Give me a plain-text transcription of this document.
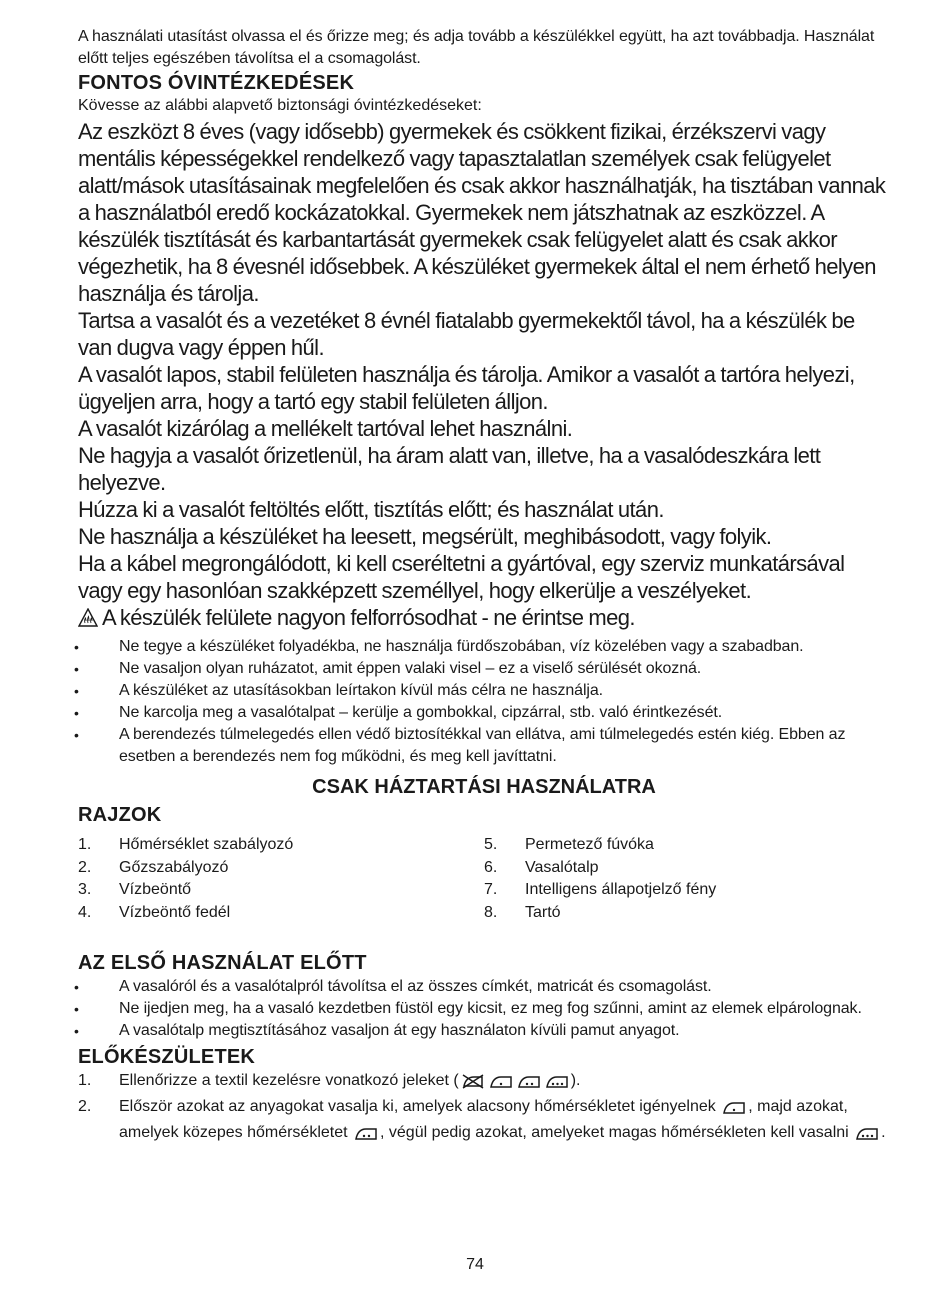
A használati utasítást olvassa el és őrizze meg; és adja tovább a készülékkel együtt, ha azt továbbadja. Használat előtt teljes egészében távolítsa el a csomagolást.

FONTOS ÓVINTÉZKEDÉSEK

Kövesse az alábbi alapvető biztonsági óvintézkedéseket:

Az eszközt 8 éves (vagy idősebb) gyermekek és csökkent fizikai, érzékszervi vagy mentális képességekkel rendelkező vagy tapasztalatlan személyek csak felügyelet alatt/mások utasításainak megfelelően és csak akkor használhatják, ha tisztában vannak a használatból eredő kockázatokkal. Gyermekek nem játszhatnak az eszközzel. A készülék tisztítását és karbantartását gyermekek csak felügyelet alatt és csak akkor végezhetik, ha 8 évesnél idősebbek. A készüléket gyermekek által el nem érhető helyen használja és tárolja.

Tartsa a vasalót és a vezetéket 8 évnél fiatalabb gyermekektől távol, ha a készülék be van dugva vagy éppen hűl.

A vasalót lapos, stabil felületen használja és tárolja. Amikor a vasalót a tartóra helyezi, ügyeljen arra, hogy a tartó egy stabil felületen álljon.

A vasalót kizárólag a mellékelt tartóval lehet használni.

Ne hagyja a vasalót őrizetlenül, ha áram alatt van, illetve, ha a vasalódeszkára lett helyezve.

Húzza ki a vasalót feltöltés előtt, tisztítás előtt; és használat után.

Ne használja a készüléket ha leesett, megsérült, meghibásodott, vagy folyik.

Ha a kábel megrongálódott, ki kell cseréltetni a gyártóval, egy szerviz munkatársával vagy egy hasonlóan szakképzett személlyel, hogy elkerülje a veszélyeket.

A készülék felülete nagyon felforrósodhat - ne érintse meg.

• Ne tegye a készüléket folyadékba, ne használja fürdőszobában, víz közelében vagy a szabadban.
• Ne vasaljon olyan ruházatot, amit éppen valaki visel – ez a viselő sérülését okozná.
• A készüléket az utasításokban leírtakon kívül más célra ne használja.
• Ne karcolja meg a vasalótalpat – kerülje a gombokkal, cipzárral, stb. való érintkezését.
• A berendezés túlmelegedés ellen védő biztosítékkal van ellátva, ami túlmelegedés estén kiég. Ebben az esetben a berendezés nem fog működni, és meg kell javíttatni.

CSAK HÁZTARTÁSI HASZNÁLATRA

RAJZOK
1.	Hőmérséklet szabályozó
2.	Gőzszabályozó
3.	Vízbeöntő
4.	Vízbeöntő fedél
5.	Permetező fúvóka
6.	Vasalótalp
7.	Intelligens állapotjelző fény
8.	Tartó
AZ ELSŐ HASZNÁLAT ELŐTT
• A vasalóról és a vasalótalpról távolítsa el az összes címkét, matricát és csomagolást.
• Ne ijedjen meg, ha a vasaló kezdetben füstöl egy kicsit, ez meg fog szűnni, amint az elemek elpárolognak.
• A vasalótalp megtisztításához vasaljon át egy használaton kívüli pamut anyagot.
ELŐKÉSZÜLETEK
1.	Ellenőrizze a textil kezelésre vonatkozó jeleket (	).
2.	Először azokat az anyagokat vasalja ki, amelyek alacsony hőmérsékletet igényelnek , majd azokat, amelyek közepes hőmérsékletet , végül pedig azokat, amelyeket magas hőmérsékleten kell vasalni .
74
